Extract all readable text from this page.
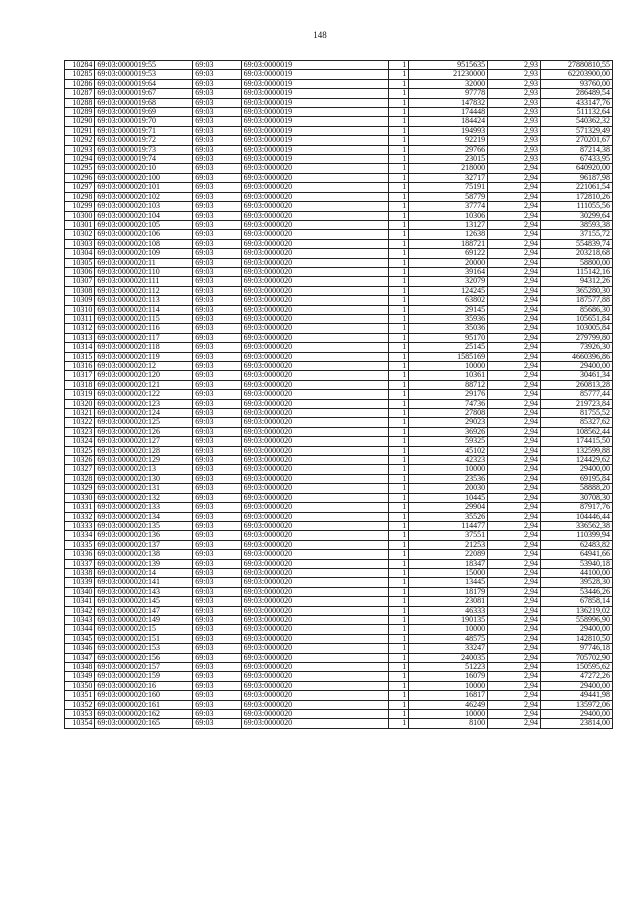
148
10284	69:03:0000019:55	69:03	69:03:0000019	1	9515635	2,93	27880810,55
10285	69:03:0000019:53	69:03	69:03:0000019	1	21230000	2,93	62203900,00
10286	69:03:0000019:64	69:03	69:03:0000019	1	32000	2,93	93760,00
10287	69:03:0000019:67	69:03	69:03:0000019	1	97778	2,93	286489,54
10288	69:03:0000019:68	69:03	69:03:0000019	1	147832	2,93	433147,76
10289	69:03:0000019:69	69:03	69:03:0000019	1	174448	2,93	511132,64
10290	69:03:0000019:70	69:03	69:03:0000019	1	184424	2,93	540362,32
10291	69:03:0000019:71	69:03	69:03:0000019	1	194993	2,93	571329,49
10292	69:03:0000019:72	69:03	69:03:0000019	1	92219	2,93	270201,67
10293	69:03:0000019:73	69:03	69:03:0000019	1	29766	2,93	87214,38
10294	69:03:0000019:74	69:03	69:03:0000019	1	23015	2,93	67433,95
10295	69:03:0000020:10	69:03	69:03:0000020	1	218000	2,94	640920,00
10296	69:03:0000020:100	69:03	69:03:0000020	1	32717	2,94	96187,98
10297	69:03:0000020:101	69:03	69:03:0000020	1	75191	2,94	221061,54
10298	69:03:0000020:102	69:03	69:03:0000020	1	58779	2,94	172810,26
10299	69:03:0000020:103	69:03	69:03:0000020	1	37774	2,94	111055,56
10300	69:03:0000020:104	69:03	69:03:0000020	1	10306	2,94	30299,64
10301	69:03:0000020:105	69:03	69:03:0000020	1	13127	2,94	38593,38
10302	69:03:0000020:106	69:03	69:03:0000020	1	12638	2,94	37155,72
10303	69:03:0000020:108	69:03	69:03:0000020	1	188721	2,94	554839,74
10304	69:03:0000020:109	69:03	69:03:0000020	1	69122	2,94	203218,68
10305	69:03:0000020:11	69:03	69:03:0000020	1	20000	2,94	58800,00
10306	69:03:0000020:110	69:03	69:03:0000020	1	39164	2,94	115142,16
10307	69:03:0000020:111	69:03	69:03:0000020	1	32079	2,94	94312,26
10308	69:03:0000020:112	69:03	69:03:0000020	1	124245	2,94	365280,30
10309	69:03:0000020:113	69:03	69:03:0000020	1	63802	2,94	187577,88
10310	69:03:0000020:114	69:03	69:03:0000020	1	29145	2,94	85686,30
10311	69:03:0000020:115	69:03	69:03:0000020	1	35936	2,94	105651,84
10312	69:03:0000020:116	69:03	69:03:0000020	1	35036	2,94	103005,84
10313	69:03:0000020:117	69:03	69:03:0000020	1	95170	2,94	279799,80
10314	69:03:0000020:118	69:03	69:03:0000020	1	25145	2,94	73926,30
10315	69:03:0000020:119	69:03	69:03:0000020	1	1585169	2,94	4660396,86
10316	69:03:0000020:12	69:03	69:03:0000020	1	10000	2,94	29400,00
10317	69:03:0000020:120	69:03	69:03:0000020	1	10361	2,94	30461,34
10318	69:03:0000020:121	69:03	69:03:0000020	1	88712	2,94	260813,28
10319	69:03:0000020:122	69:03	69:03:0000020	1	29176	2,94	85777,44
10320	69:03:0000020:123	69:03	69:03:0000020	1	74736	2,94	219723,84
10321	69:03:0000020:124	69:03	69:03:0000020	1	27808	2,94	81755,52
10322	69:03:0000020:125	69:03	69:03:0000020	1	29023	2,94	85327,62
10323	69:03:0000020:126	69:03	69:03:0000020	1	36926	2,94	108562,44
10324	69:03:0000020:127	69:03	69:03:0000020	1	59325	2,94	174415,50
10325	69:03:0000020:128	69:03	69:03:0000020	1	45102	2,94	132599,88
10326	69:03:0000020:129	69:03	69:03:0000020	1	42323	2,94	124429,62
10327	69:03:0000020:13	69:03	69:03:0000020	1	10000	2,94	29400,00
10328	69:03:0000020:130	69:03	69:03:0000020	1	23536	2,94	69195,84
10329	69:03:0000020:131	69:03	69:03:0000020	1	20030	2,94	58888,20
10330	69:03:0000020:132	69:03	69:03:0000020	1	10445	2,94	30708,30
10331	69:03:0000020:133	69:03	69:03:0000020	1	29904	2,94	87917,76
10332	69:03:0000020:134	69:03	69:03:0000020	1	35526	2,94	104446,44
10333	69:03:0000020:135	69:03	69:03:0000020	1	114477	2,94	336562,38
10334	69:03:0000020:136	69:03	69:03:0000020	1	37551	2,94	110399,94
10335	69:03:0000020:137	69:03	69:03:0000020	1	21253	2,94	62483,82
10336	69:03:0000020:138	69:03	69:03:0000020	1	22089	2,94	64941,66
10337	69:03:0000020:139	69:03	69:03:0000020	1	18347	2,94	53940,18
10338	69:03:0000020:14	69:03	69:03:0000020	1	15000	2,94	44100,00
10339	69:03:0000020:141	69:03	69:03:0000020	1	13445	2,94	39528,30
10340	69:03:0000020:143	69:03	69:03:0000020	1	18179	2,94	53446,26
10341	69:03:0000020:145	69:03	69:03:0000020	1	23081	2,94	67858,14
10342	69:03:0000020:147	69:03	69:03:0000020	1	46333	2,94	136219,02
10343	69:03:0000020:149	69:03	69:03:0000020	1	190135	2,94	558996,90
10344	69:03:0000020:15	69:03	69:03:0000020	1	10000	2,94	29400,00
10345	69:03:0000020:151	69:03	69:03:0000020	1	48575	2,94	142810,50
10346	69:03:0000020:153	69:03	69:03:0000020	1	33247	2,94	97746,18
10347	69:03:0000020:156	69:03	69:03:0000020	1	240035	2,94	705702,90
10348	69:03:0000020:157	69:03	69:03:0000020	1	51223	2,94	150595,62
10349	69:03:0000020:159	69:03	69:03:0000020	1	16079	2,94	47272,26
10350	69:03:0000020:16	69:03	69:03:0000020	1	10000	2,94	29400,00
10351	69:03:0000020:160	69:03	69:03:0000020	1	16817	2,94	49441,98
10352	69:03:0000020:161	69:03	69:03:0000020	1	46249	2,94	135972,06
10353	69:03:0000020:162	69:03	69:03:0000020	1	10000	2,94	29400,00
10354	69:03:0000020:165	69:03	69:03:0000020	1	8100	2,94	23814,00
